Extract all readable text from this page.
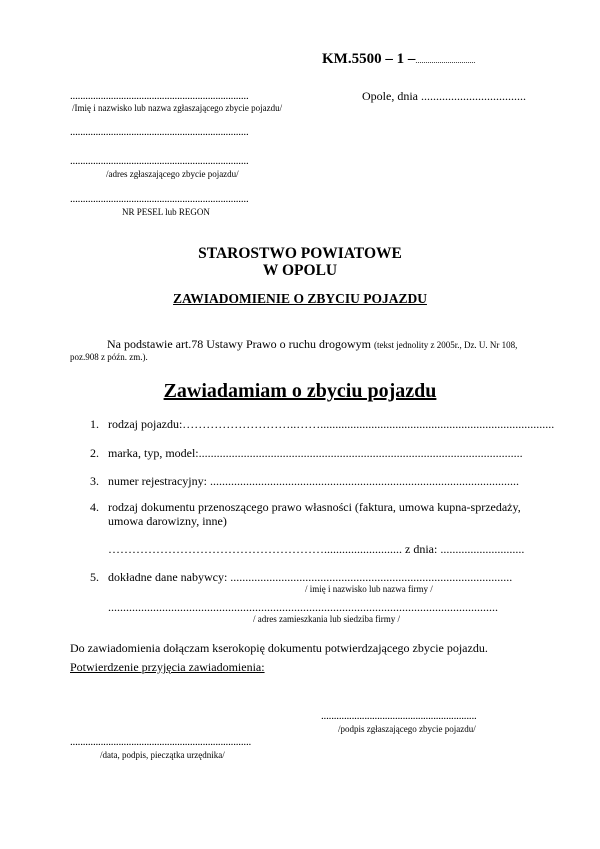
KM.5500 – 1 –..............................
......................................................................	Opole, dnia ...................................
/Imię i nazwisko lub nazwa zgłaszającego zbycie pojazdu/
......................................................................
......................................................................
/adres zgłaszającego zbycie pojazdu/
......................................................................
NR PESEL lub REGON
STAROSTWO POWIATOWE
W OPOLU
ZAWIADOMIENIE O ZBYCIU POJAZDU
Na podstawie art.78 Ustawy Prawo o ruchu drogowym (tekst jednolity z 2005r., Dz. U. Nr 108,
poz.908 z późn. zm.).
Zawiadamiam o zbyciu pojazdu
1. rodzaj pojazdu:………………………..……..............................................................................
2. marka, typ, model:............................................................................................................
3. numer rejestracyjny: .......................................................................................................
4. rodzaj dokumentu przenoszącego prawo własności (faktura, umowa kupna-sprzedaży,
umowa darowizny, inne)
……………………………………………….......................... z dnia: ............................
5. dokładne dane nabywcy: ..............................................................................................
/ imię i nazwisko lub nazwa firmy /
..................................................................................................................................
/ adres zamieszkania lub siedziba firmy /
Do zawiadomienia dołączam kserokopię dokumentu potwierdzającego zbycie pojazdu.
Potwierdzenie przyjęcia zawiadomienia:
.............................................................
/podpis zgłaszającego zbycie pojazdu/
.......................................................................
/data, podpis, pieczątka urzędnika/
